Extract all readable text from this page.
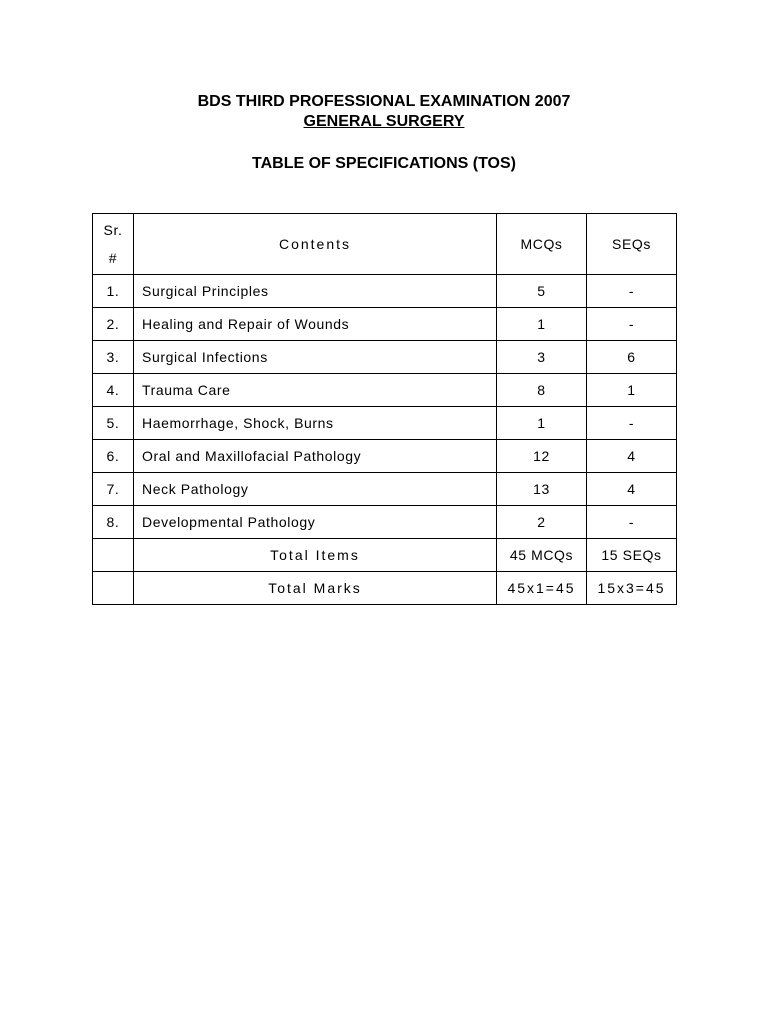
BDS THIRD PROFESSIONAL EXAMINATION 2007
GENERAL SURGERY
TABLE OF SPECIFICATIONS (TOS)
Sr.
#	Contents	MCQs	SEQs
1.	Surgical Principles	5	-
2.	Healing and Repair of Wounds	1	-
3.	Surgical Infections	3	6
4.	Trauma Care	8	1
5.	Haemorrhage, Shock, Burns	1	-
6.	Oral and Maxillofacial Pathology	12	4
7.	Neck Pathology	13	4
8.	Developmental Pathology	2	-
	Total Items	45 MCQs	15 SEQs
	Total Marks	45x1=45	15x3=45
